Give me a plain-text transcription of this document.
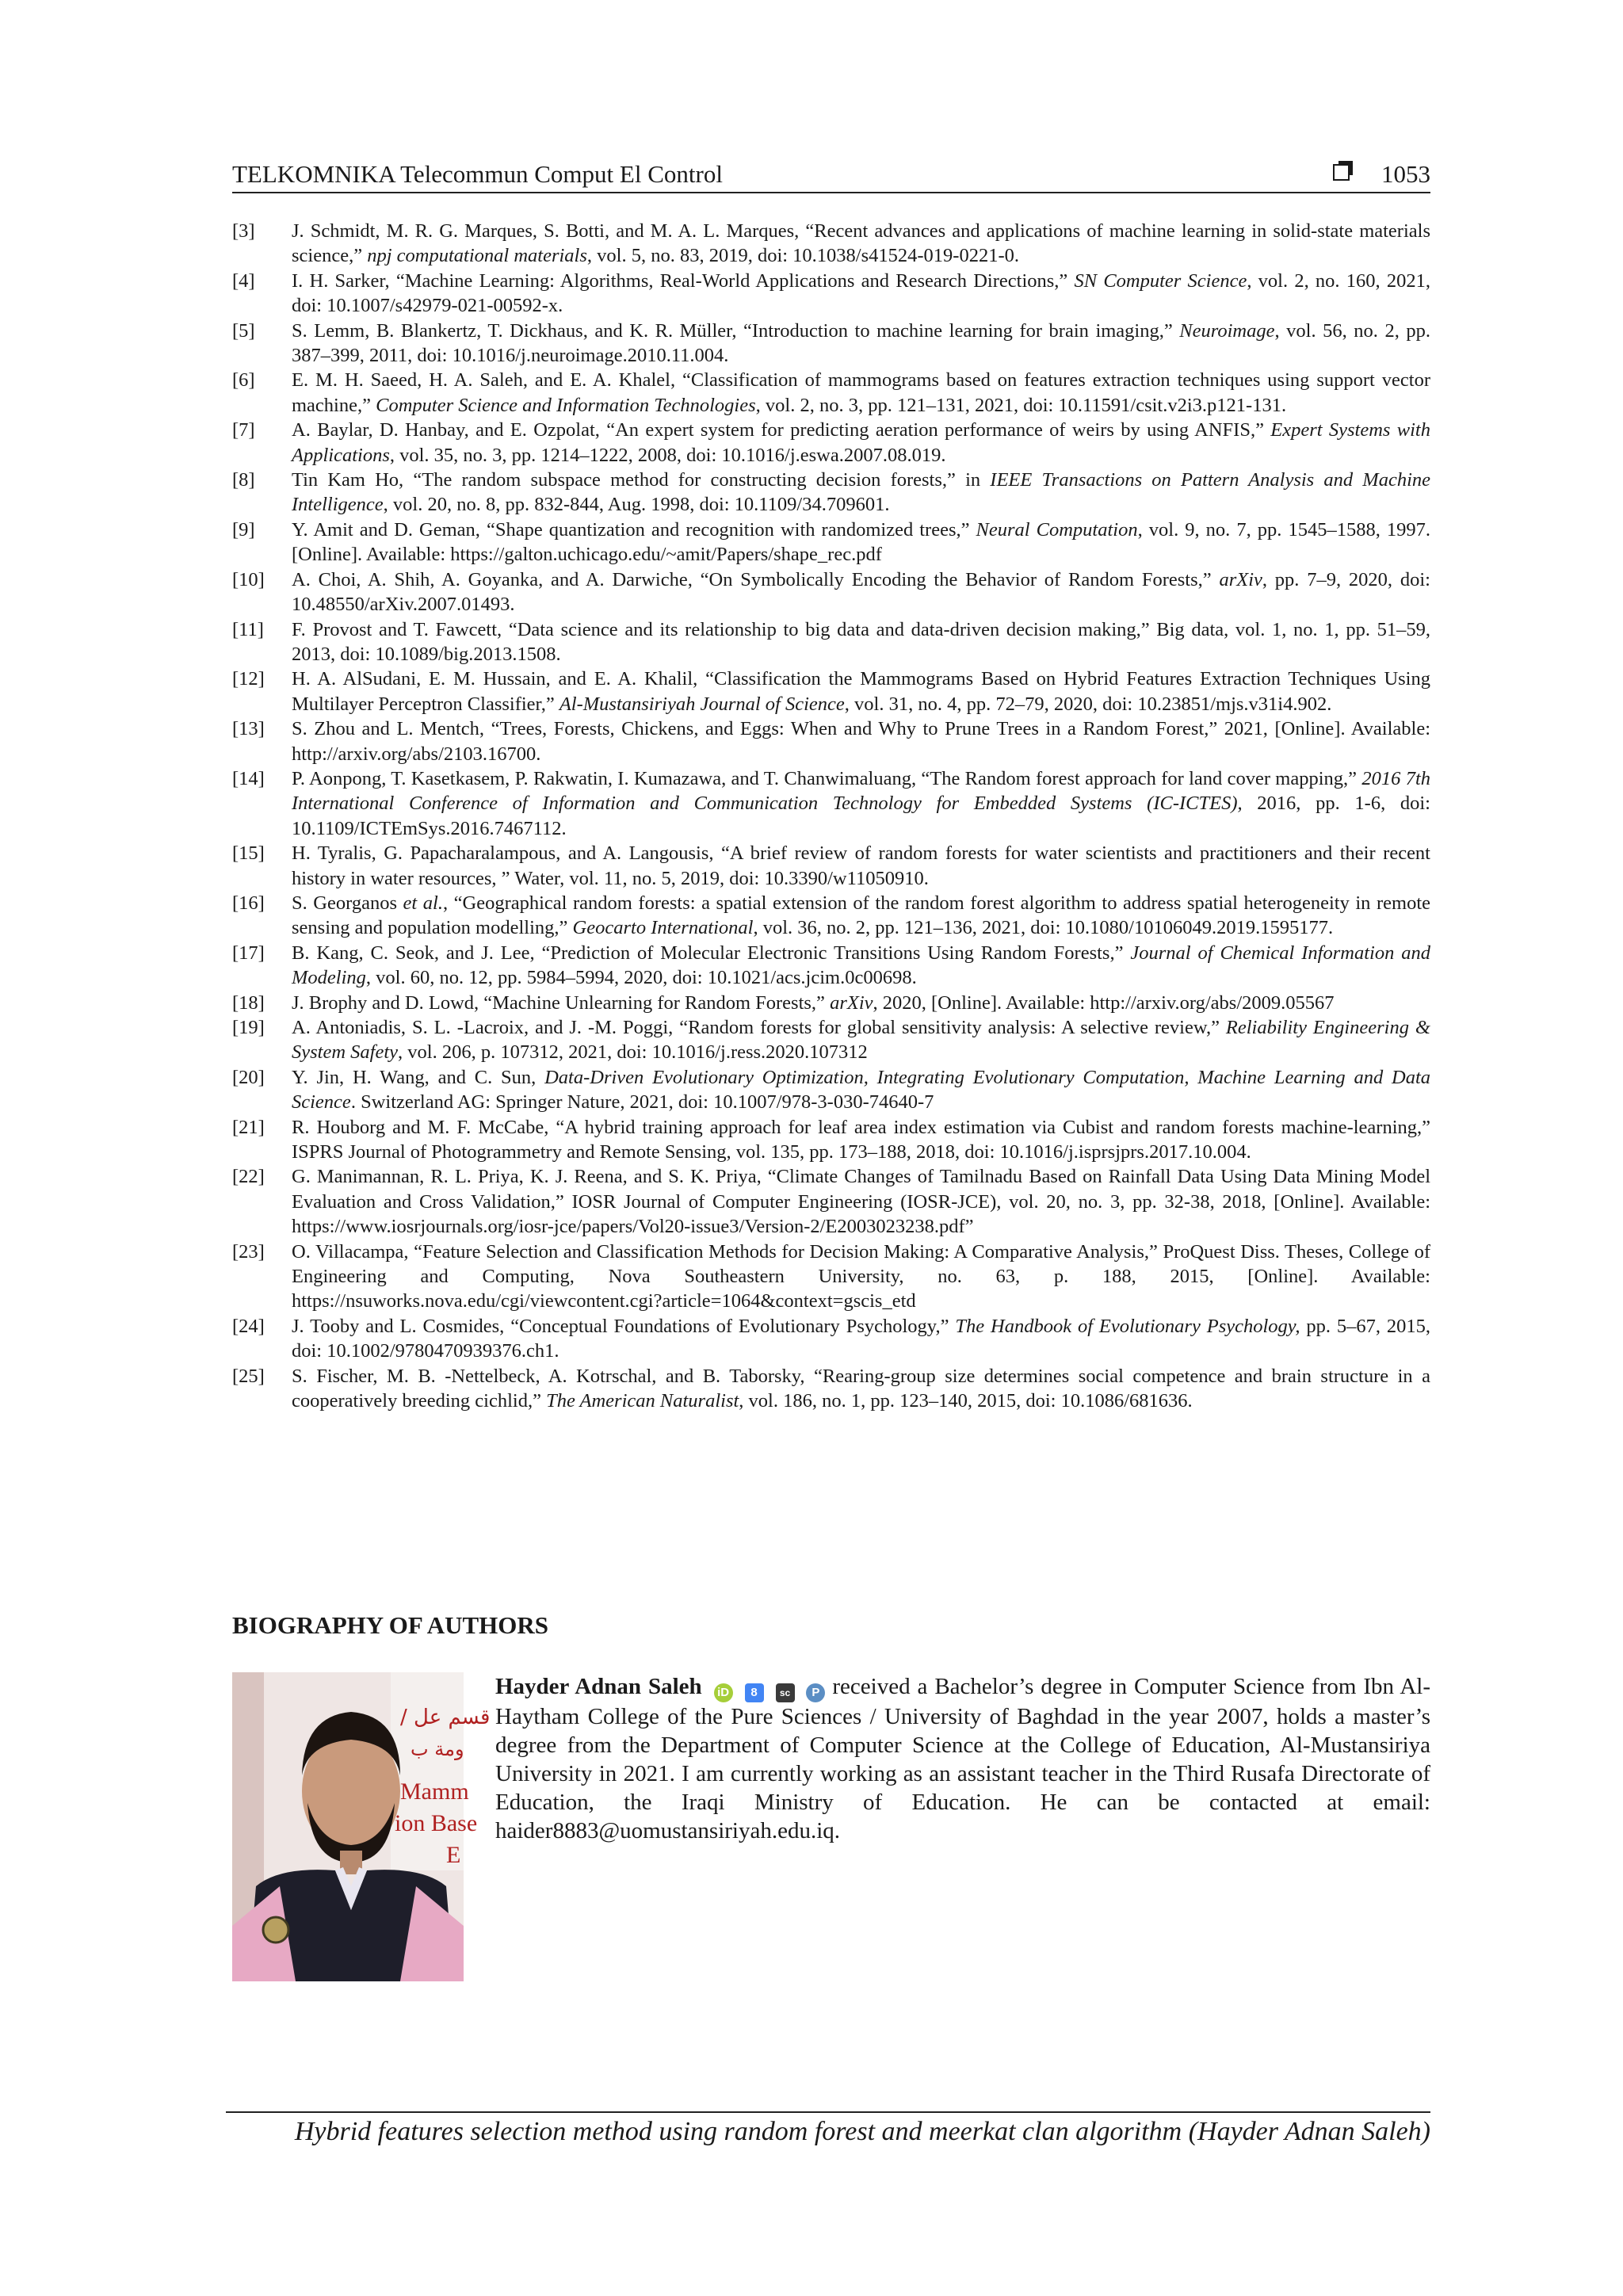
TELKOMNIKA Telecommun Comput El Control	1053
[3]	J. Schmidt, M. R. G. Marques, S. Botti, and M. A. L. Marques, “Recent advances and applications of machine learning in solid-state materials science,” npj computational materials, vol. 5, no. 83, 2019, doi: 10.1038/s41524-019-0221-0.
[4]	I. H. Sarker, “Machine Learning: Algorithms, Real-World Applications and Research Directions,” SN Computer Science, vol. 2, no. 160, 2021, doi: 10.1007/s42979-021-00592-x.
[5]	S. Lemm, B. Blankertz, T. Dickhaus, and K. R. Müller, “Introduction to machine learning for brain imaging,” Neuroimage, vol. 56, no. 2, pp. 387–399, 2011, doi: 10.1016/j.neuroimage.2010.11.004.
[6]	E. M. H. Saeed, H. A. Saleh, and E. A. Khalel, “Classification of mammograms based on features extraction techniques using support vector machine,” Computer Science and Information Technologies, vol. 2, no. 3, pp. 121–131, 2021, doi: 10.11591/csit.v2i3.p121-131.
[7]	A. Baylar, D. Hanbay, and E. Ozpolat, “An expert system for predicting aeration performance of weirs by using ANFIS,” Expert Systems with Applications, vol. 35, no. 3, pp. 1214–1222, 2008, doi: 10.1016/j.eswa.2007.08.019.
[8]	Tin Kam Ho, “The random subspace method for constructing decision forests,” in IEEE Transactions on Pattern Analysis and Machine Intelligence, vol. 20, no. 8, pp. 832-844, Aug. 1998, doi: 10.1109/34.709601.
[9]	Y. Amit and D. Geman, “Shape quantization and recognition with randomized trees,” Neural Computation, vol. 9, no. 7, pp. 1545–1588, 1997. [Online]. Available: https://galton.uchicago.edu/~amit/Papers/shape_rec.pdf
[10]	A. Choi, A. Shih, A. Goyanka, and A. Darwiche, “On Symbolically Encoding the Behavior of Random Forests,” arXiv, pp. 7–9, 2020, doi: 10.48550/arXiv.2007.01493.
[11]	F. Provost and T. Fawcett, “Data science and its relationship to big data and data-driven decision making,” Big data, vol. 1, no. 1, pp. 51–59, 2013, doi: 10.1089/big.2013.1508.
[12]	H. A. AlSudani, E. M. Hussain, and E. A. Khalil, “Classification the Mammograms Based on Hybrid Features Extraction Techniques Using Multilayer Perceptron Classifier,” Al-Mustansiriyah Journal of Science, vol. 31, no. 4, pp. 72–79, 2020, doi: 10.23851/mjs.v31i4.902.
[13]	S. Zhou and L. Mentch, “Trees, Forests, Chickens, and Eggs: When and Why to Prune Trees in a Random Forest,” 2021, [Online]. Available: http://arxiv.org/abs/2103.16700.
[14]	P. Aonpong, T. Kasetkasem, P. Rakwatin, I. Kumazawa, and T. Chanwimaluang, “The Random forest approach for land cover mapping,” 2016 7th International Conference of Information and Communication Technology for Embedded Systems (IC-ICTES), 2016, pp. 1-6, doi: 10.1109/ICTEmSys.2016.7467112.
[15]	H. Tyralis, G. Papacharalampous, and A. Langousis, “A brief review of random forests for water scientists and practitioners and their recent history in water resources, ” Water, vol. 11, no. 5, 2019, doi: 10.3390/w11050910.
[16]	S. Georganos et al., “Geographical random forests: a spatial extension of the random forest algorithm to address spatial heterogeneity in remote sensing and population modelling,” Geocarto International, vol. 36, no. 2, pp. 121–136, 2021, doi: 10.1080/10106049.2019.1595177.
[17]	B. Kang, C. Seok, and J. Lee, “Prediction of Molecular Electronic Transitions Using Random Forests,” Journal of Chemical Information and Modeling, vol. 60, no. 12, pp. 5984–5994, 2020, doi: 10.1021/acs.jcim.0c00698.
[18]	J. Brophy and D. Lowd, “Machine Unlearning for Random Forests,” arXiv, 2020, [Online]. Available: http://arxiv.org/abs/2009.05567
[19]	A. Antoniadis, S. L. -Lacroix, and J. -M. Poggi, “Random forests for global sensitivity analysis: A selective review,” Reliability Engineering & System Safety, vol. 206, p. 107312, 2021, doi: 10.1016/j.ress.2020.107312
[20]	Y. Jin, H. Wang, and C. Sun, Data-Driven Evolutionary Optimization, Integrating Evolutionary Computation, Machine Learning and Data Science. Switzerland AG: Springer Nature, 2021, doi: 10.1007/978-3-030-74640-7
[21]	R. Houborg and M. F. McCabe, “A hybrid training approach for leaf area index estimation via Cubist and random forests machine-learning,” ISPRS Journal of Photogrammetry and Remote Sensing, vol. 135, pp. 173–188, 2018, doi: 10.1016/j.isprsjprs.2017.10.004.
[22]	G. Manimannan, R. L. Priya, K. J. Reena, and S. K. Priya, “Climate Changes of Tamilnadu Based on Rainfall Data Using Data Mining Model Evaluation and Cross Validation,” IOSR Journal of Computer Engineering (IOSR-JCE), vol. 20, no. 3, pp. 32-38, 2018, [Online]. Available: https://www.iosrjournals.org/iosr-jce/papers/Vol20-issue3/Version-2/E2003023238.pdf”
[23]	O. Villacampa, “Feature Selection and Classification Methods for Decision Making: A Comparative Analysis,” ProQuest Diss. Theses, College of Engineering and Computing, Nova Southeastern University, no. 63, p. 188, 2015, [Online]. Available: https://nsuworks.nova.edu/cgi/viewcontent.cgi?article=1064&context=gscis_etd
[24]	J. Tooby and L. Cosmides, “Conceptual Foundations of Evolutionary Psychology,” The Handbook of Evolutionary Psychology, pp. 5–67, 2015, doi: 10.1002/9780470939376.ch1.
[25]	S. Fischer, M. B. -Nettelbeck, A. Kotrschal, and B. Taborsky, “Rearing-group size determines social competence and brain structure in a cooperatively breeding cichlid,” The American Naturalist, vol. 186, no. 1, pp. 123–140, 2015, doi: 10.1086/681636.
BIOGRAPHY OF AUTHORS
/ قسم عل
ومة ب
Mamm
ion Base
E
Hayder Adnan Saleh iD 8 sc P received a Bachelor’s degree in Computer Science from Ibn Al-Haytham College of the Pure Sciences / University of Baghdad in the year 2007, holds a master’s degree from the Department of Computer Science at the College of Education, Al-Mustansiriya University in 2021. I am currently working as an assistant teacher in the Third Rusafa Directorate of Education, the Iraqi Ministry of Education. He can be contacted at email: haider8883@uomustansiriyah.edu.iq.
Hybrid features selection method using random forest and meerkat clan algorithm (Hayder Adnan Saleh)
